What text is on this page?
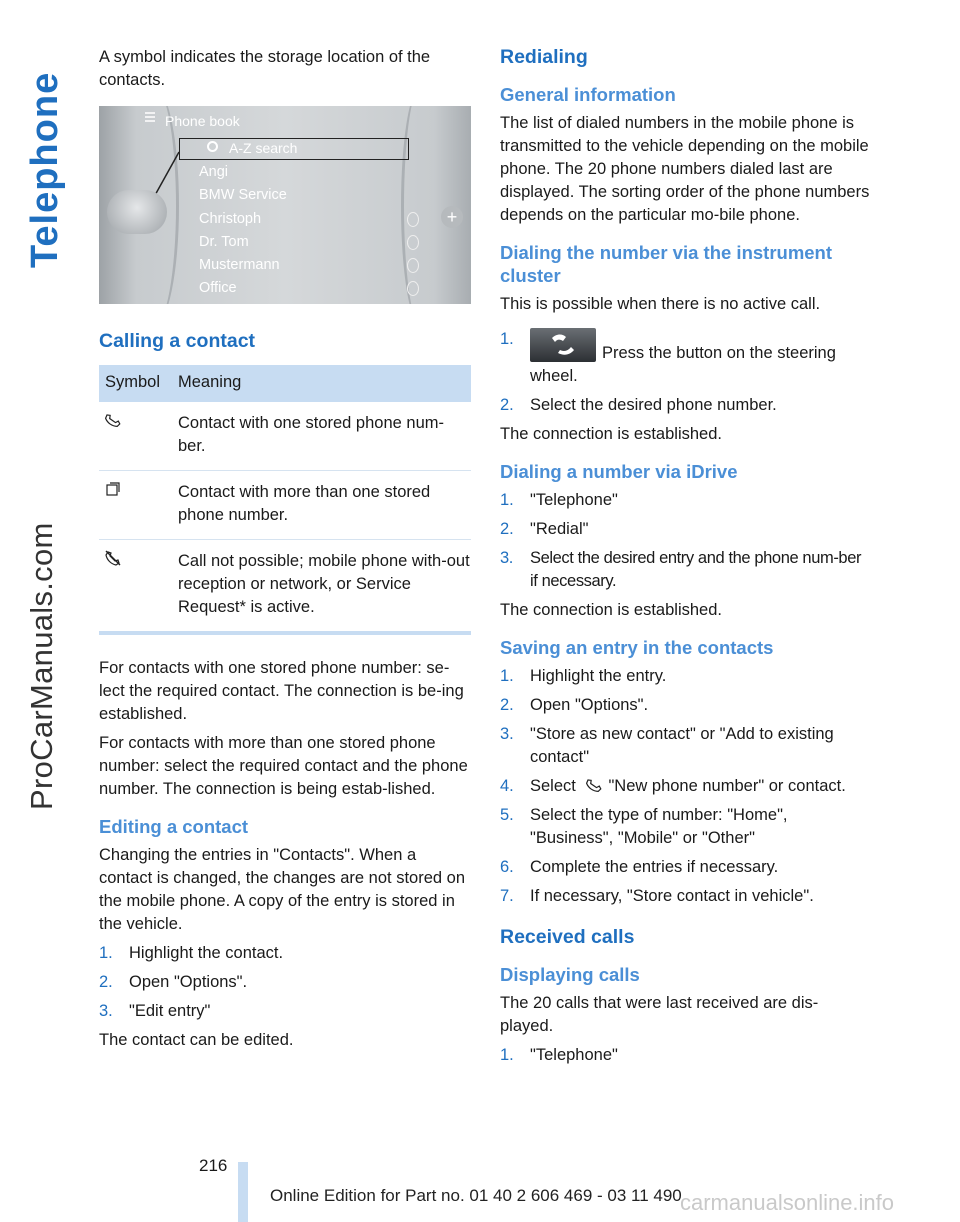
Telephone
ProCarManuals.com

A symbol indicates the storage location of the contacts.

Phone book
A-Z search
+
Angi
BMW Service
Christoph
Dr. Tom
Mustermann
Office
Calling a contact
Symbol	Meaning
	Contact with one stored phone num-ber.
	Contact with more than one stored phone number.
	Call not possible; mobile phone with-out reception or network, or Service Request* is active.

For contacts with one stored phone number: se-lect the required contact. The connection is be-ing established.

For contacts with more than one stored phone number: select the required contact and the phone number. The connection is being estab-lished.

Editing a contact

Changing the entries in "Contacts". When a contact is changed, the changes are not stored on the mobile phone. A copy of the entry is stored in the vehicle.

1. Highlight the contact.
2. Open "Options".
3. "Edit entry"

The contact can be edited.

Redialing
General information

The list of dialed numbers in the mobile phone is transmitted to the vehicle depending on the mobile phone. The 20 phone numbers dialed last are displayed. The sorting order of the phone numbers depends on the particular mo-bile phone.

Dialing the number via the instrument cluster

This is possible when there is no active call.

1.
Press the button on the steering wheel.
2. Select the desired phone number.

The connection is established.

Dialing a number via iDrive
1. "Telephone"
2. "Redial"
3. Select the desired entry and the phone num-ber if necessary.

The connection is established.

Saving an entry in the contacts
1. Highlight the entry.
2. Open "Options".
3. "Store as new contact" or "Add to existing contact"
4. Select "New phone number" or contact.
5. Select the type of number: "Home", "Business", "Mobile" or "Other"
6. Complete the entries if necessary.
7. If necessary, "Store contact in vehicle".
Received calls
Displaying calls

The 20 calls that were last received are dis-played.

1. "Telephone"
216
Online Edition for Part no. 01 40 2 606 469 - 03 11 490
carmanualsonline.info
